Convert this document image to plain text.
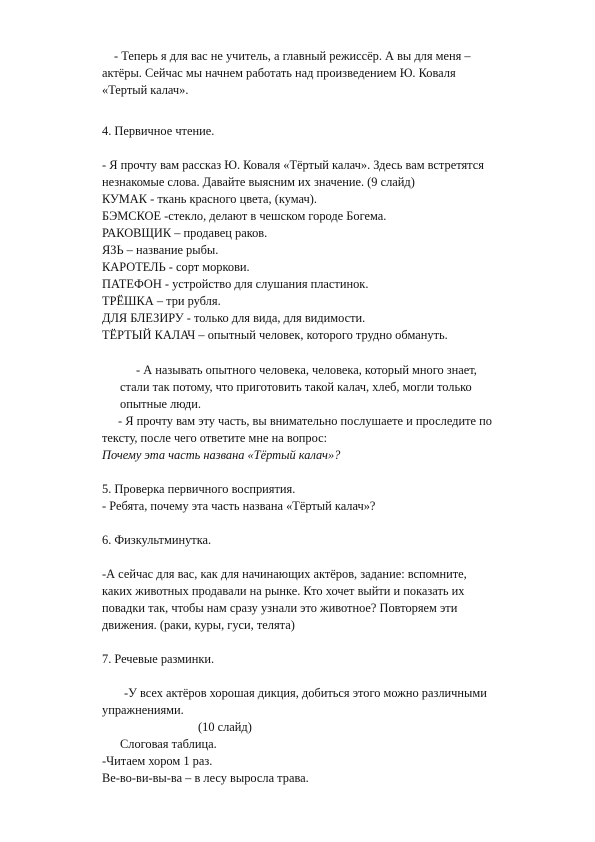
- Теперь я для вас не учитель, а главный режиссёр. А вы для меня –
актёры. Сейчас мы начнем работать над произведением Ю. Коваля
«Тертый калач».
4. Первичное чтение.
- Я прочту вам рассказ Ю. Коваля «Тёртый калач». Здесь вам встретятся
незнакомые слова. Давайте выясним их значение. (9 слайд)
КУМАК - ткань красного цвета, (кумач).
БЭМСКОЕ -стекло, делают в чешском городе Богема.
РАКОВЩИК – продавец раков.
ЯЗЬ – название рыбы.
КАРОТЕЛЬ - сорт моркови.
ПАТЕФОН - устройство для слушания пластинок.
ТРЁШКА – три рубля.
ДЛЯ БЛЕЗИРУ - только для вида, для видимости.
ТЁРТЫЙ КАЛАЧ – опытный человек, которого трудно обмануть.
- А называть опытного человека, человека, который много знает,
стали так потому, что приготовить такой калач, хлеб, могли только
опытные люди.
- Я прочту вам эту часть, вы внимательно послушаете и проследите по
тексту, после чего ответите мне на вопрос:
Почему эта часть названа «Тёртый калач»?
5. Проверка первичного восприятия.
- Ребята, почему эта часть названа «Тёртый калач»?
6. Физкультминутка.
-А сейчас для вас, как для начинающих актёров, задание: вспомните,
каких животных продавали на рынке. Кто хочет выйти и показать их
повадки так, чтобы нам сразу узнали это животное? Повторяем эти
движения. (раки, куры, гуси, телята)
7. Речевые разминки.
-У всех актёров хорошая дикция, добиться этого можно различными
упражнениями.
(10 слайд)
Слоговая таблица.
-Читаем хором 1 раз.
Ве-во-ви-вы-ва – в лесу выросла трава.
